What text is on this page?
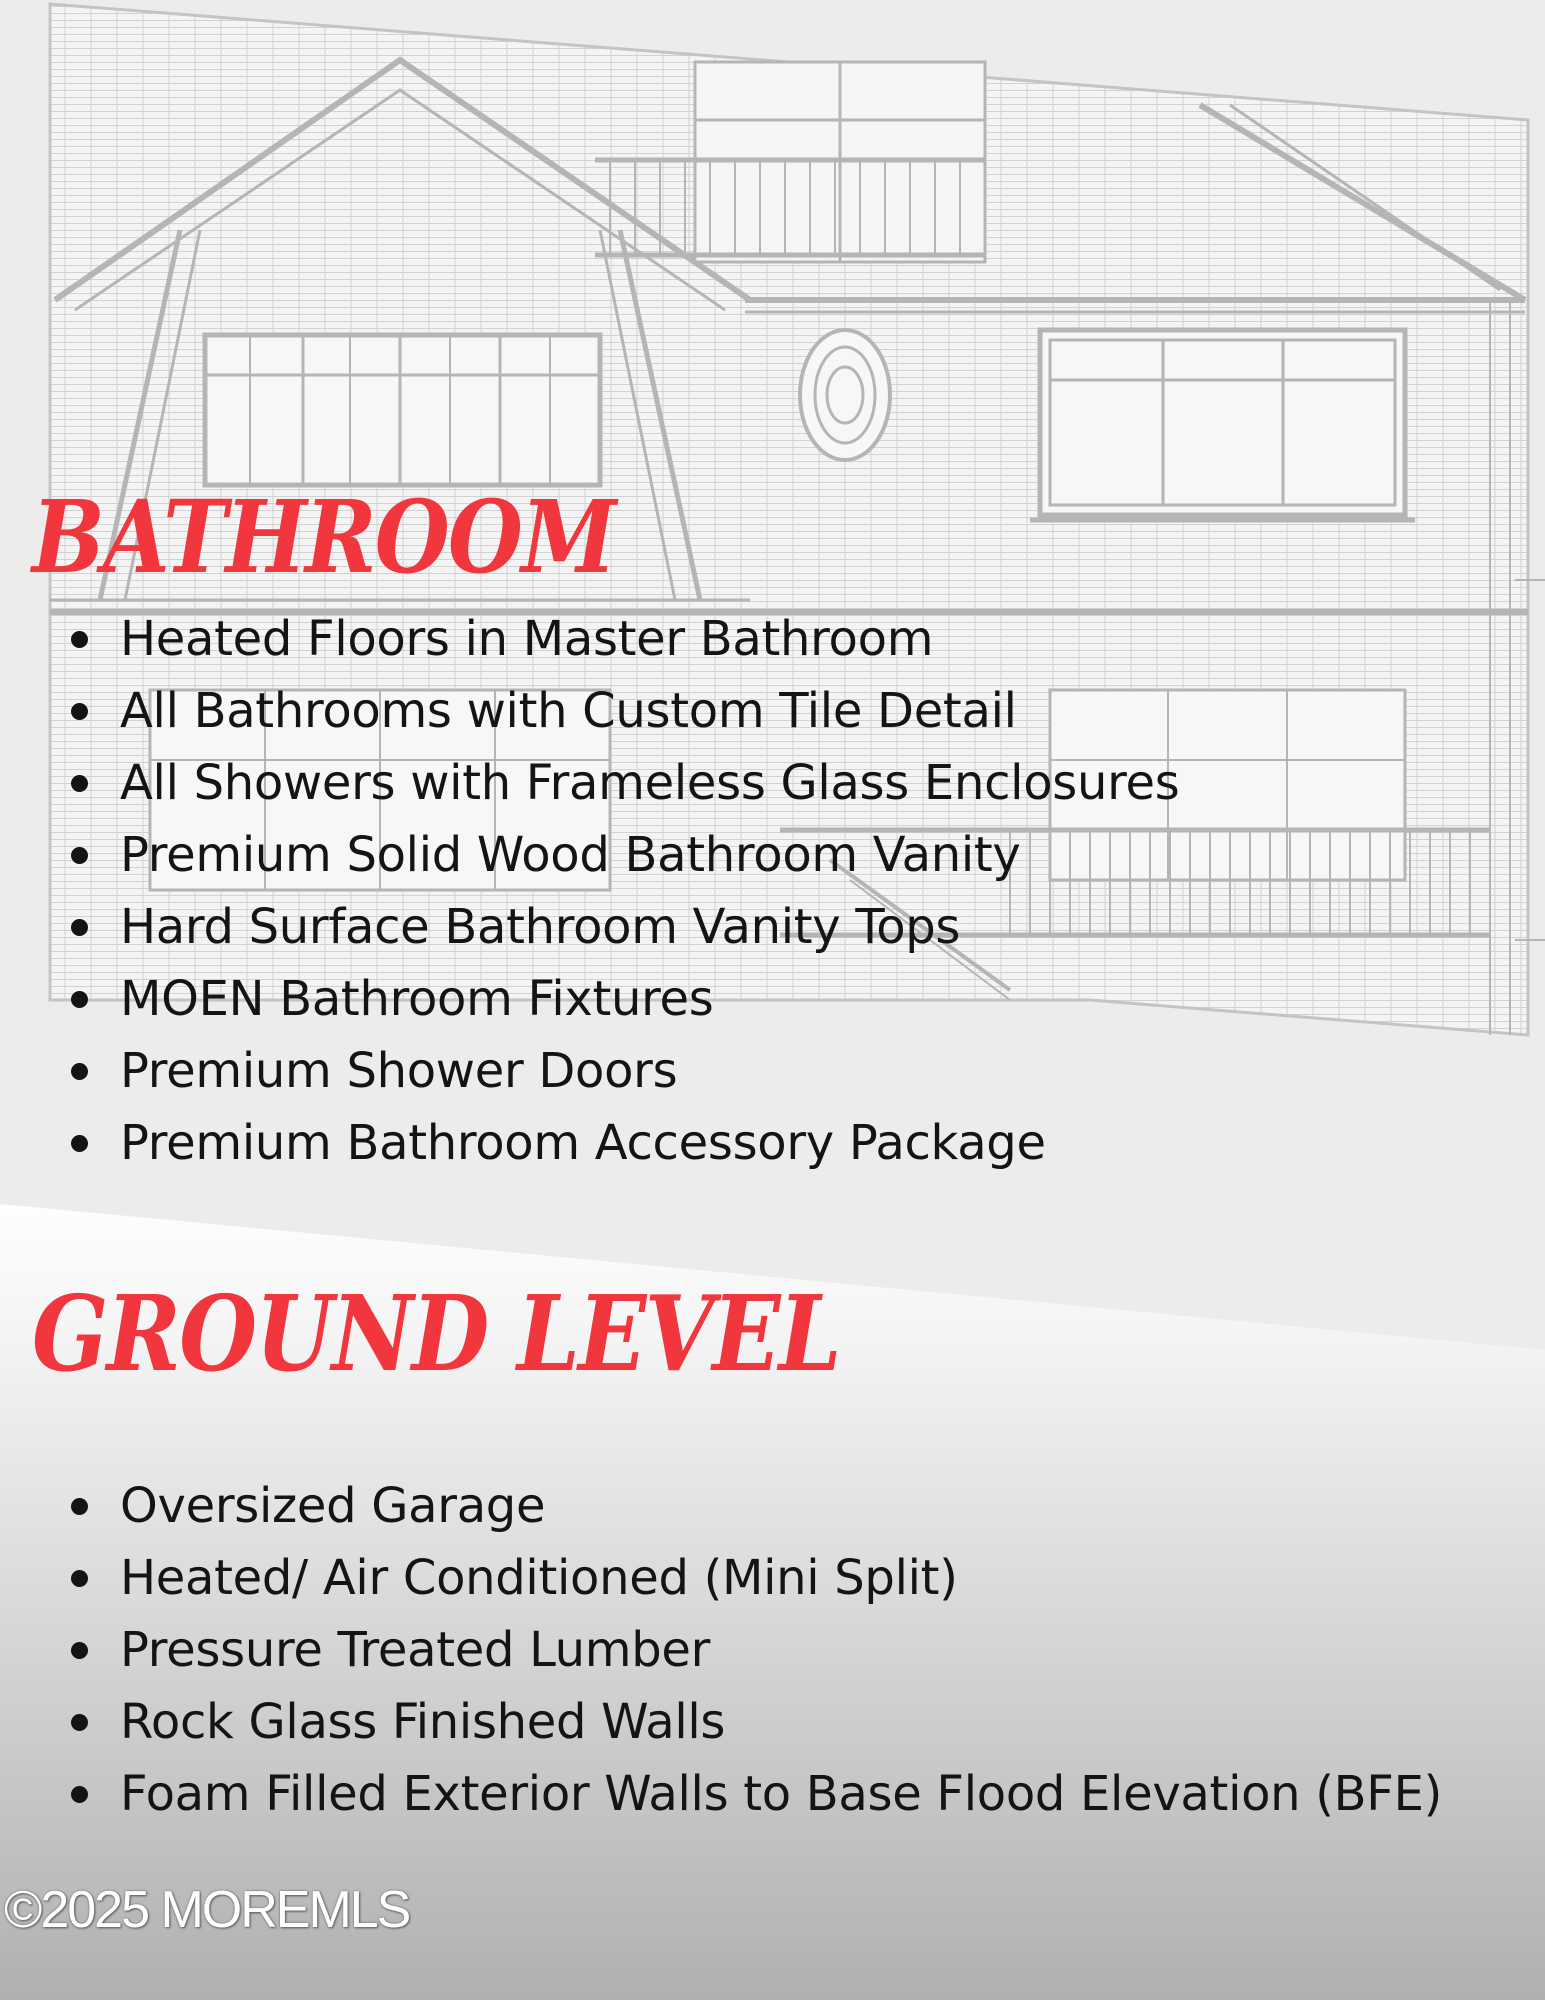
BATHROOM
Heated Floors in Master Bathroom
All Bathrooms with Custom Tile Detail
All Showers with Frameless Glass Enclosures
Premium Solid Wood Bathroom Vanity
Hard Surface Bathroom Vanity Tops
MOEN Bathroom Fixtures
Premium Shower Doors
Premium Bathroom Accessory Package
GROUND LEVEL
Oversized Garage
Heated/ Air Conditioned (Mini Split)
Pressure Treated Lumber
Rock Glass Finished Walls
Foam Filled Exterior Walls to Base Flood Elevation (BFE)

©2025 MOREMLS
